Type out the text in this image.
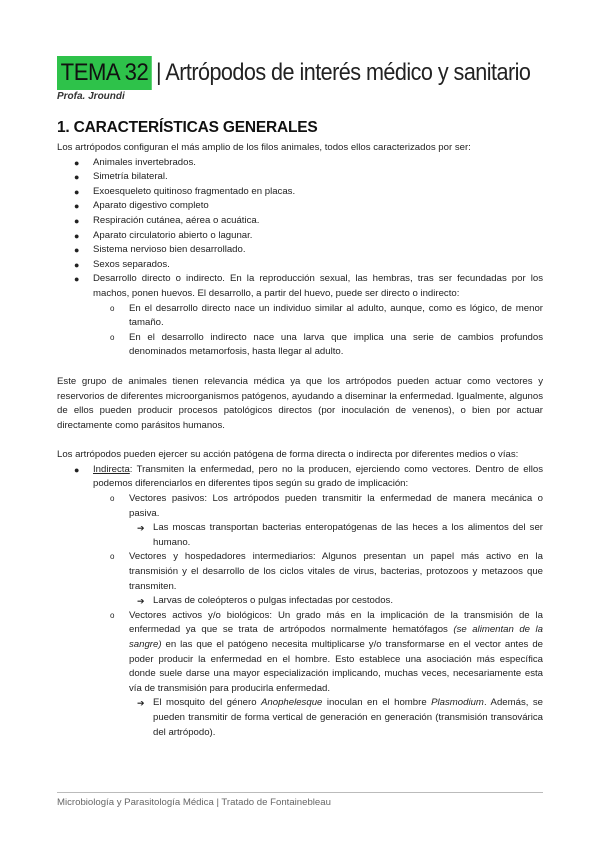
TEMA 32 | Artrópodos de interés médico y sanitario
Profa. Jroundi
1. CARACTERÍSTICAS GENERALES

Los artrópodos configuran el más amplio de los filos animales, todos ellos caracterizados por ser:

● Animales invertebrados.
● Simetría bilateral.
● Exoesqueleto quitinoso fragmentado en placas.
● Aparato digestivo completo
● Respiración cutánea, aérea o acuática.
● Aparato circulatorio abierto o lagunar.
● Sistema nervioso bien desarrollado.
● Sexos separados.
● Desarrollo directo o indirecto. En la reproducción sexual, las hembras, tras ser fecundadas por los machos, ponen huevos. El desarrollo, a partir del huevo, puede ser directo o indirecto:
o En el desarrollo directo nace un individuo similar al adulto, aunque, como es lógico, de menor tamaño.
o En el desarrollo indirecto nace una larva que implica una serie de cambios profundos denominados metamorfosis, hasta llegar al adulto.

Este grupo de animales tienen relevancia médica ya que los artrópodos pueden actuar como vectores y reservorios de diferentes microorganismos patógenos, ayudando a diseminar la enfermedad. Igualmente, algunos de ellos pueden producir procesos patológicos directos (por inoculación de venenos), o bien por actuar directamente como parásitos humanos.

Los artrópodos pueden ejercer su acción patógena de forma directa o indirecta por diferentes medios o vías:

● Indirecta: Transmiten la enfermedad, pero no la producen, ejerciendo como vectores. Dentro de ellos podemos diferenciarlos en diferentes tipos según su grado de implicación:
o Vectores pasivos: Los artrópodos pueden transmitir la enfermedad de manera mecánica o pasiva.
➔ Las moscas transportan bacterias enteropatógenas de las heces a los alimentos del ser humano.
o Vectores y hospedadores intermediarios: Algunos presentan un papel más activo en la transmisión y el desarrollo de los ciclos vitales de virus, bacterias, protozoos y metazoos que transmiten.
➔ Larvas de coleópteros o pulgas infectadas por cestodos.
o Vectores activos y/o biológicos: Un grado más en la implicación de la transmisión de la enfermedad ya que se trata de artrópodos normalmente hematófagos (se alimentan de la sangre) en las que el patógeno necesita multiplicarse y/o transformarse en el vector antes de poder producir la enfermedad en el hombre. Esto establece una asociación más específica donde suele darse una mayor especialización implicando, muchas veces, necesariamente esta vía de transmisión para producirla enfermedad.
➔ El mosquito del género Anophelesque inoculan en el hombre Plasmodium. Además, se pueden transmitir de forma vertical de generación en generación (transmisión transovárica del artrópodo).
Microbiología y Parasitología Médica | Tratado de Fontainebleau
